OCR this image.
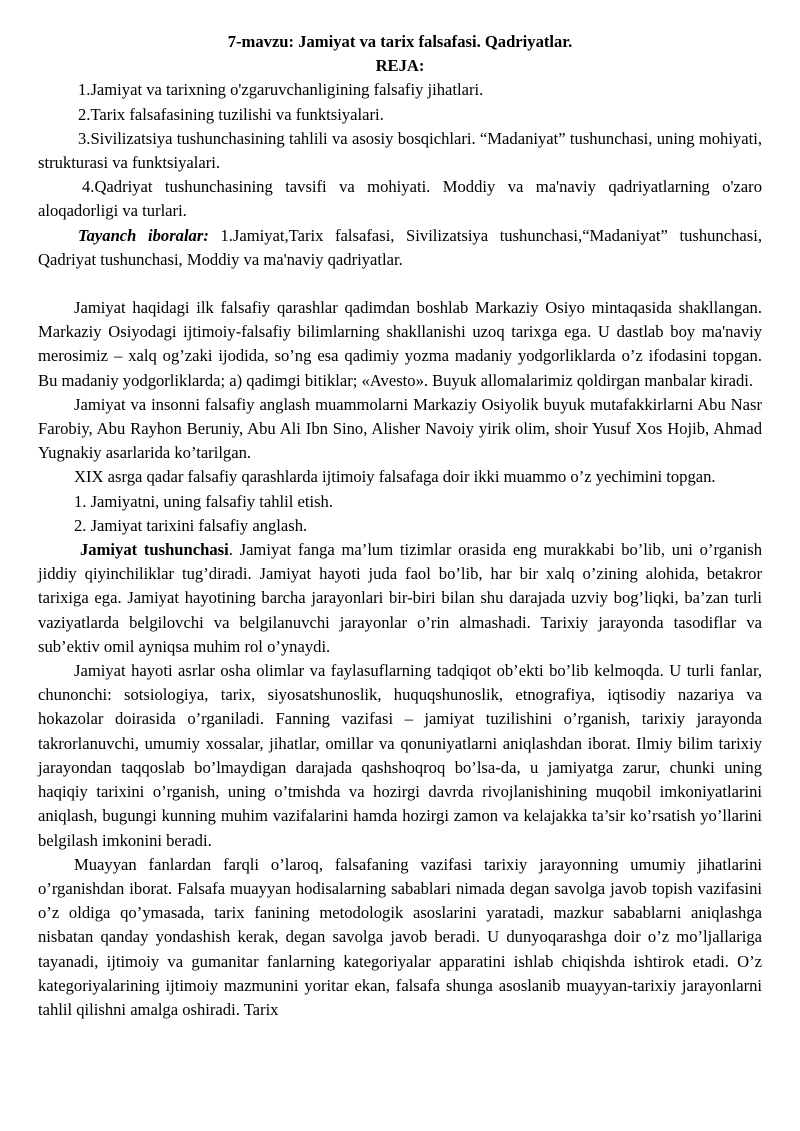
7-mavzu: Jamiyat va tarix falsafasi. Qadriyatlar.
REJA:

1.Jamiyat va tarixning o'zgaruvchanligining falsafiy jihatlari.

2.Tarix falsafasining tuzilishi va funktsiyalari.

3.Sivilizatsiya tushunchasining tahlili va asosiy bosqichlari. “Madaniyat” tushunchasi, uning mohiyati, strukturasi va funktsiyalari.

4.Qadriyat tushunchasining tavsifi va mohiyati. Moddiy va ma'naviy qadriyatlarning o'zaro aloqadorligi va turlari.

Tayanch iboralar: 1.Jamiyat,Tarix falsafasi, Sivilizatsiya tushunchasi,“Madaniyat” tushunchasi, Qadriyat tushunchasi, Moddiy va ma'naviy qadriyatlar.

Jamiyat haqidagi ilk falsafiy qarashlar qadimdan boshlab Markaziy Osiyo mintaqasida shakllangan. Markaziy Osiyodagi ijtimoiy-falsafiy bilimlarning shakllanishi uzoq tarixga ega. U dastlab boy ma'naviy merosimiz – xalq og’zaki ijodida, so’ng esa qadimiy yozma madaniy yodgorliklarda o’z ifodasini topgan. Bu madaniy yodgorliklarda; a) qadimgi bitiklar; «Avesto». Buyuk allomalarimiz qoldirgan manbalar kiradi.

Jamiyat va insonni falsafiy anglash muammolarni Markaziy Osiyolik buyuk mutafakkirlarni Abu Nasr Farobiy, Abu Rayhon Beruniy, Abu Ali Ibn Sino, Alisher Navoiy yirik olim, shoir Yusuf Xos Hojib, Ahmad Yugnakiy asarlarida ko’tarilgan.

XIX asrga qadar falsafiy qarashlarda ijtimoiy falsafaga doir ikki muammo o’z yechimini topgan.

1. Jamiyatni, uning falsafiy tahlil etish.

2. Jamiyat tarixini falsafiy anglash.

Jamiyat tushunchasi. Jamiyat fanga ma’lum tizimlar orasida eng murakkabi bo’lib, uni o’rganish jiddiy qiyinchiliklar tug’diradi. Jamiyat hayoti juda faol bo’lib, har bir xalq o’zining alohida, betakror tarixiga ega. Jamiyat hayotining barcha jarayonlari bir-biri bilan shu darajada uzviy bog’liqki, ba’zan turli vaziyatlarda belgilovchi va belgilanuvchi jarayonlar o’rin almashadi. Tarixiy jarayonda tasodiflar va sub’ektiv omil ayniqsa muhim rol o’ynaydi.

Jamiyat hayoti asrlar osha olimlar va faylasuflarning tadqiqot ob’ekti bo’lib kelmoqda. U turli fanlar, chunonchi: sotsiologiya, tarix, siyosatshunoslik, huquqshunoslik, etnografiya, iqtisodiy nazariya va hokazolar doirasida o’rganiladi. Fanning vazifasi – jamiyat tuzilishini o’rganish, tarixiy jarayonda takrorlanuvchi, umumiy xossalar, jihatlar, omillar va qonuniyatlarni aniqlashdan iborat. Ilmiy bilim tarixiy jarayondan taqqoslab bo’lmaydigan darajada qashshoqroq bo’lsa-da, u jamiyatga zarur, chunki uning haqiqiy tarixini o’rganish, uning o’tmishda va hozirgi davrda rivojlanishining muqobil imkoniyatlarini aniqlash, bugungi kunning muhim vazifalarini hamda hozirgi zamon va kelajakka ta’sir ko’rsatish yo’llarini belgilash imkonini beradi.

Muayyan fanlardan farqli o’laroq, falsafaning vazifasi tarixiy jarayonning umumiy jihatlarini o’rganishdan iborat. Falsafa muayyan hodisalarning sabablari nimada degan savolga javob topish vazifasini o’z oldiga qo’ymasada, tarix fanining metodologik asoslarini yaratadi, mazkur sabablarni aniqlashga nisbatan qanday yondashish kerak, degan savolga javob beradi. U dunyoqarashga doir o’z mo’ljallariga tayanadi, ijtimoiy va gumanitar fanlarning kategoriyalar apparatini ishlab chiqishda ishtirok etadi. O’z kategoriyalarining ijtimoiy mazmunini yoritar ekan, falsafa shunga asoslanib muayyan-tarixiy jarayonlarni tahlil qilishni amalga oshiradi. Tarix
